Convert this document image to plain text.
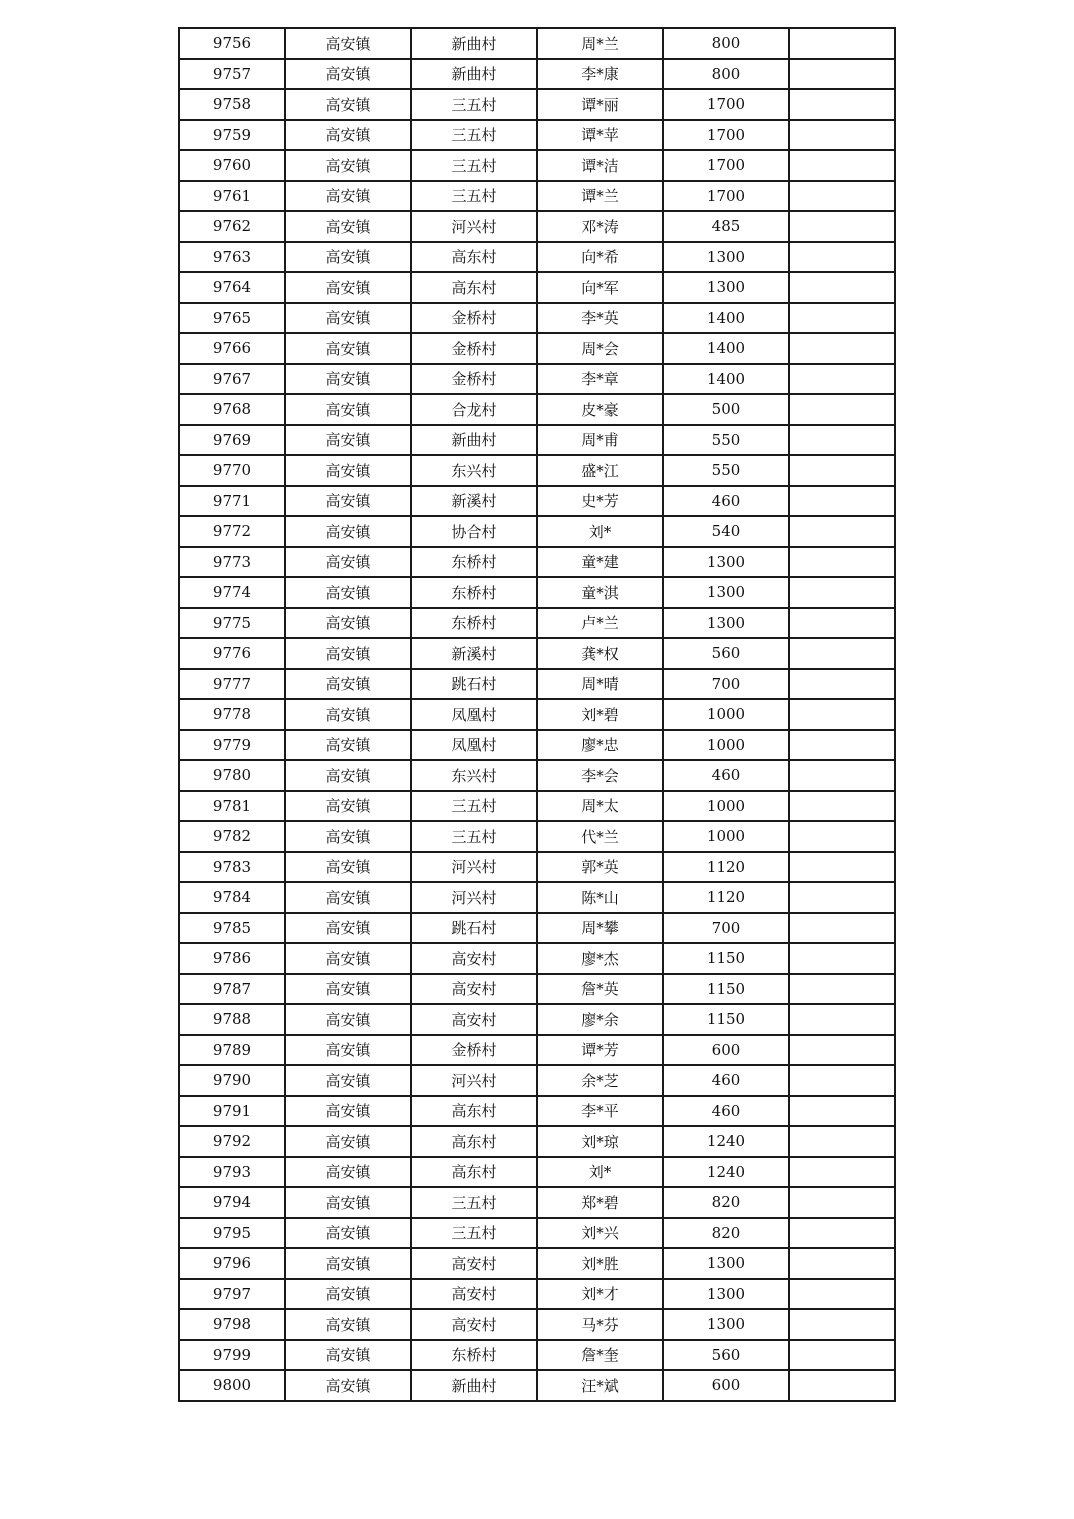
9756	高安镇	新曲村	周*兰	800	
9757	高安镇	新曲村	李*康	800	
9758	高安镇	三五村	谭*丽	1700	
9759	高安镇	三五村	谭*苹	1700	
9760	高安镇	三五村	谭*洁	1700	
9761	高安镇	三五村	谭*兰	1700	
9762	高安镇	河兴村	邓*涛	485	
9763	高安镇	高东村	向*希	1300	
9764	高安镇	高东村	向*军	1300	
9765	高安镇	金桥村	李*英	1400	
9766	高安镇	金桥村	周*会	1400	
9767	高安镇	金桥村	李*章	1400	
9768	高安镇	合龙村	皮*豪	500	
9769	高安镇	新曲村	周*甫	550	
9770	高安镇	东兴村	盛*江	550	
9771	高安镇	新溪村	史*芳	460	
9772	高安镇	协合村	刘*	540	
9773	高安镇	东桥村	童*建	1300	
9774	高安镇	东桥村	童*淇	1300	
9775	高安镇	东桥村	卢*兰	1300	
9776	高安镇	新溪村	龚*权	560	
9777	高安镇	跳石村	周*晴	700	
9778	高安镇	凤凰村	刘*碧	1000	
9779	高安镇	凤凰村	廖*忠	1000	
9780	高安镇	东兴村	李*会	460	
9781	高安镇	三五村	周*太	1000	
9782	高安镇	三五村	代*兰	1000	
9783	高安镇	河兴村	郭*英	1120	
9784	高安镇	河兴村	陈*山	1120	
9785	高安镇	跳石村	周*攀	700	
9786	高安镇	高安村	廖*杰	1150	
9787	高安镇	高安村	詹*英	1150	
9788	高安镇	高安村	廖*余	1150	
9789	高安镇	金桥村	谭*芳	600	
9790	高安镇	河兴村	余*芝	460	
9791	高安镇	高东村	李*平	460	
9792	高安镇	高东村	刘*琼	1240	
9793	高安镇	高东村	刘*	1240	
9794	高安镇	三五村	郑*碧	820	
9795	高安镇	三五村	刘*兴	820	
9796	高安镇	高安村	刘*胜	1300	
9797	高安镇	高安村	刘*才	1300	
9798	高安镇	高安村	马*芬	1300	
9799	高安镇	东桥村	詹*奎	560	
9800	高安镇	新曲村	汪*斌	600	
